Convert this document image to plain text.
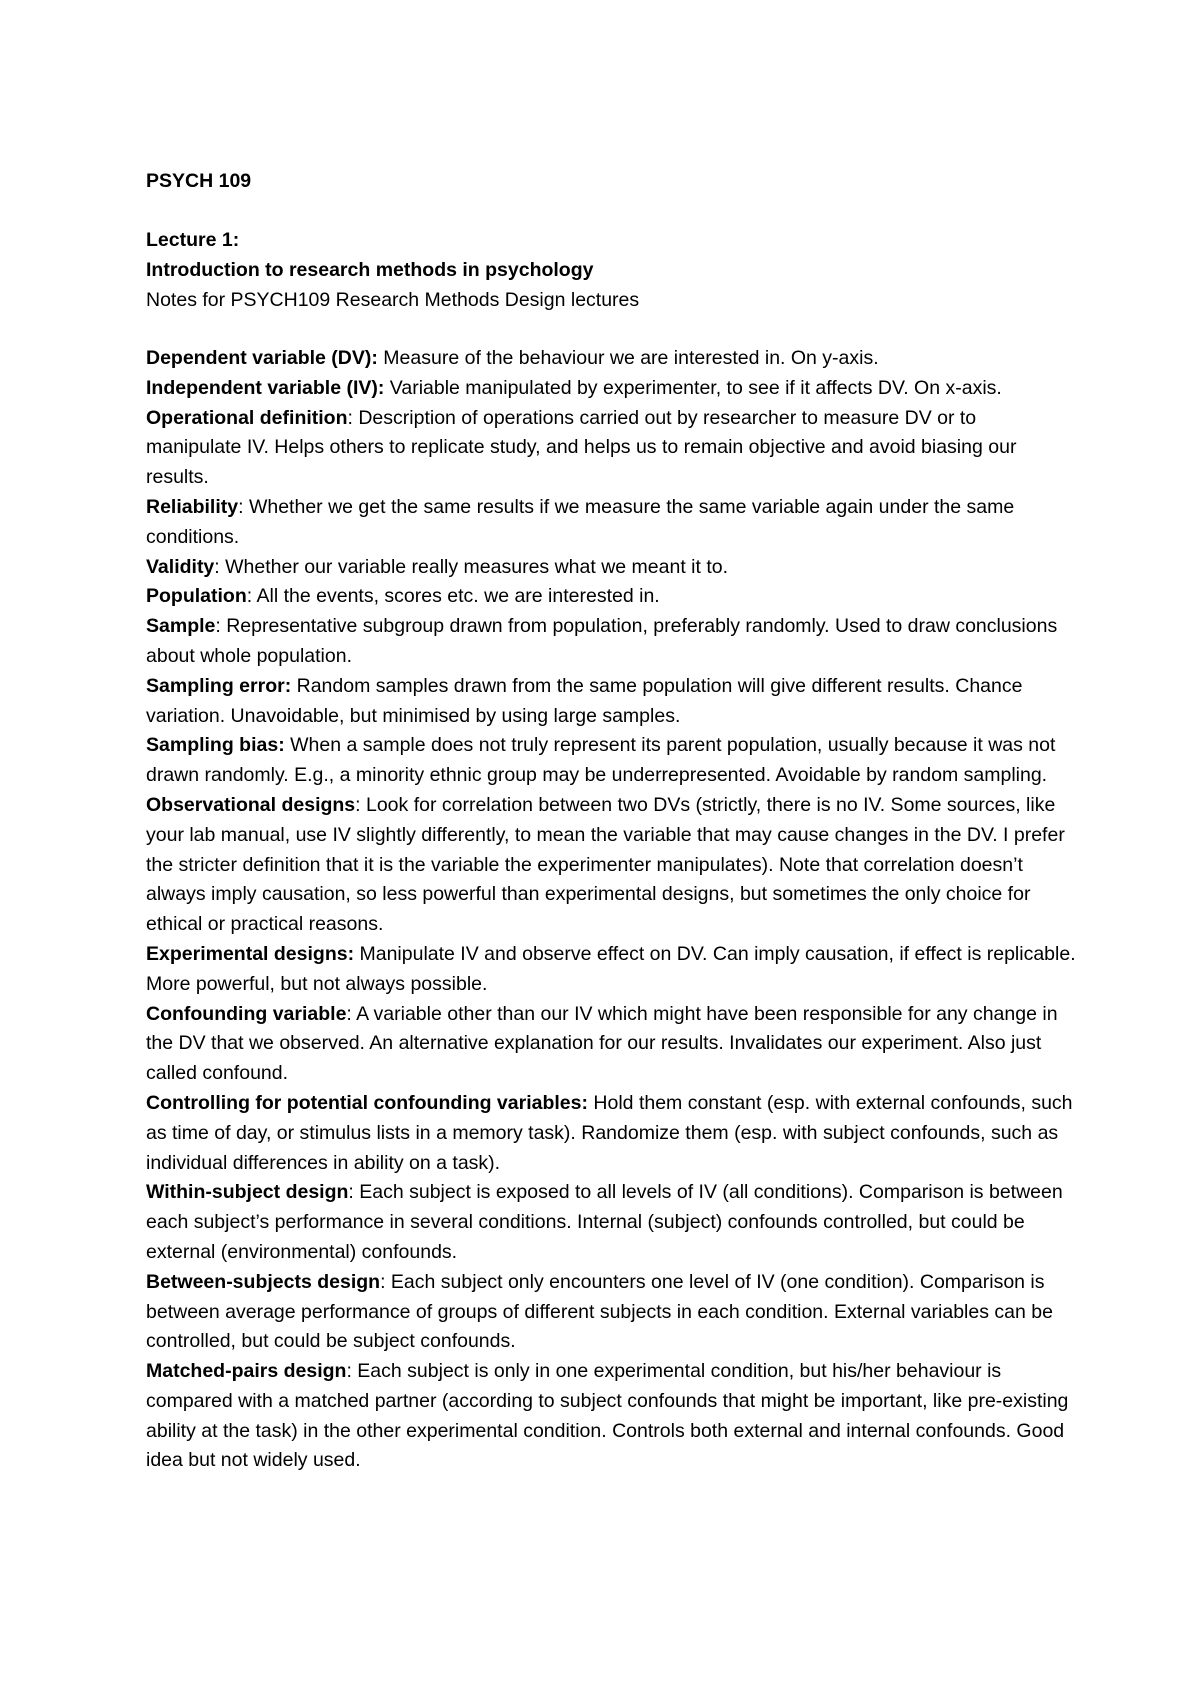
PSYCH 109

Lecture 1:

Introduction to research methods in psychology

Notes for PSYCH109 Research Methods Design lectures

Dependent variable (DV): Measure of the behaviour we are interested in. On y-axis.

Independent variable (IV): Variable manipulated by experimenter, to see if it affects DV. On x-axis.

Operational definition: Description of operations carried out by researcher to measure DV or to manipulate IV. Helps others to replicate study, and helps us to remain objective and avoid biasing our results.

Reliability: Whether we get the same results if we measure the same variable again under the same conditions.

Validity: Whether our variable really measures what we meant it to.

Population: All the events, scores etc. we are interested in.

Sample: Representative subgroup drawn from population, preferably randomly. Used to draw conclusions about whole population.

Sampling error: Random samples drawn from the same population will give different results. Chance variation. Unavoidable, but minimised by using large samples.

Sampling bias: When a sample does not truly represent its parent population, usually because it was not drawn randomly. E.g., a minority ethnic group may be underrepresented. Avoidable by random sampling.

Observational designs: Look for correlation between two DVs (strictly, there is no IV. Some sources, like your lab manual, use IV slightly differently, to mean the variable that may cause changes in the DV. I prefer the stricter definition that it is the variable the experimenter manipulates). Note that correlation doesn’t always imply causation, so less powerful than experimental designs, but sometimes the only choice for ethical or practical reasons.

Experimental designs: Manipulate IV and observe effect on DV. Can imply causation, if effect is replicable. More powerful, but not always possible.

Confounding variable: A variable other than our IV which might have been responsible for any change in the DV that we observed. An alternative explanation for our results. Invalidates our experiment. Also just called confound.

Controlling for potential confounding variables: Hold them constant (esp. with external confounds, such as time of day, or stimulus lists in a memory task). Randomize them (esp. with subject confounds, such as individual differences in ability on a task).

Within-subject design: Each subject is exposed to all levels of IV (all conditions). Comparison is between each subject’s performance in several conditions. Internal (subject) confounds controlled, but could be external (environmental) confounds.

Between-subjects design: Each subject only encounters one level of IV (one condition). Comparison is between average performance of groups of different subjects in each condition. External variables can be controlled, but could be subject confounds.

Matched-pairs design: Each subject is only in one experimental condition, but his/her behaviour is compared with a matched partner (according to subject confounds that might be important, like pre-existing ability at the task) in the other experimental condition. Controls both external and internal confounds. Good idea but not widely used.
